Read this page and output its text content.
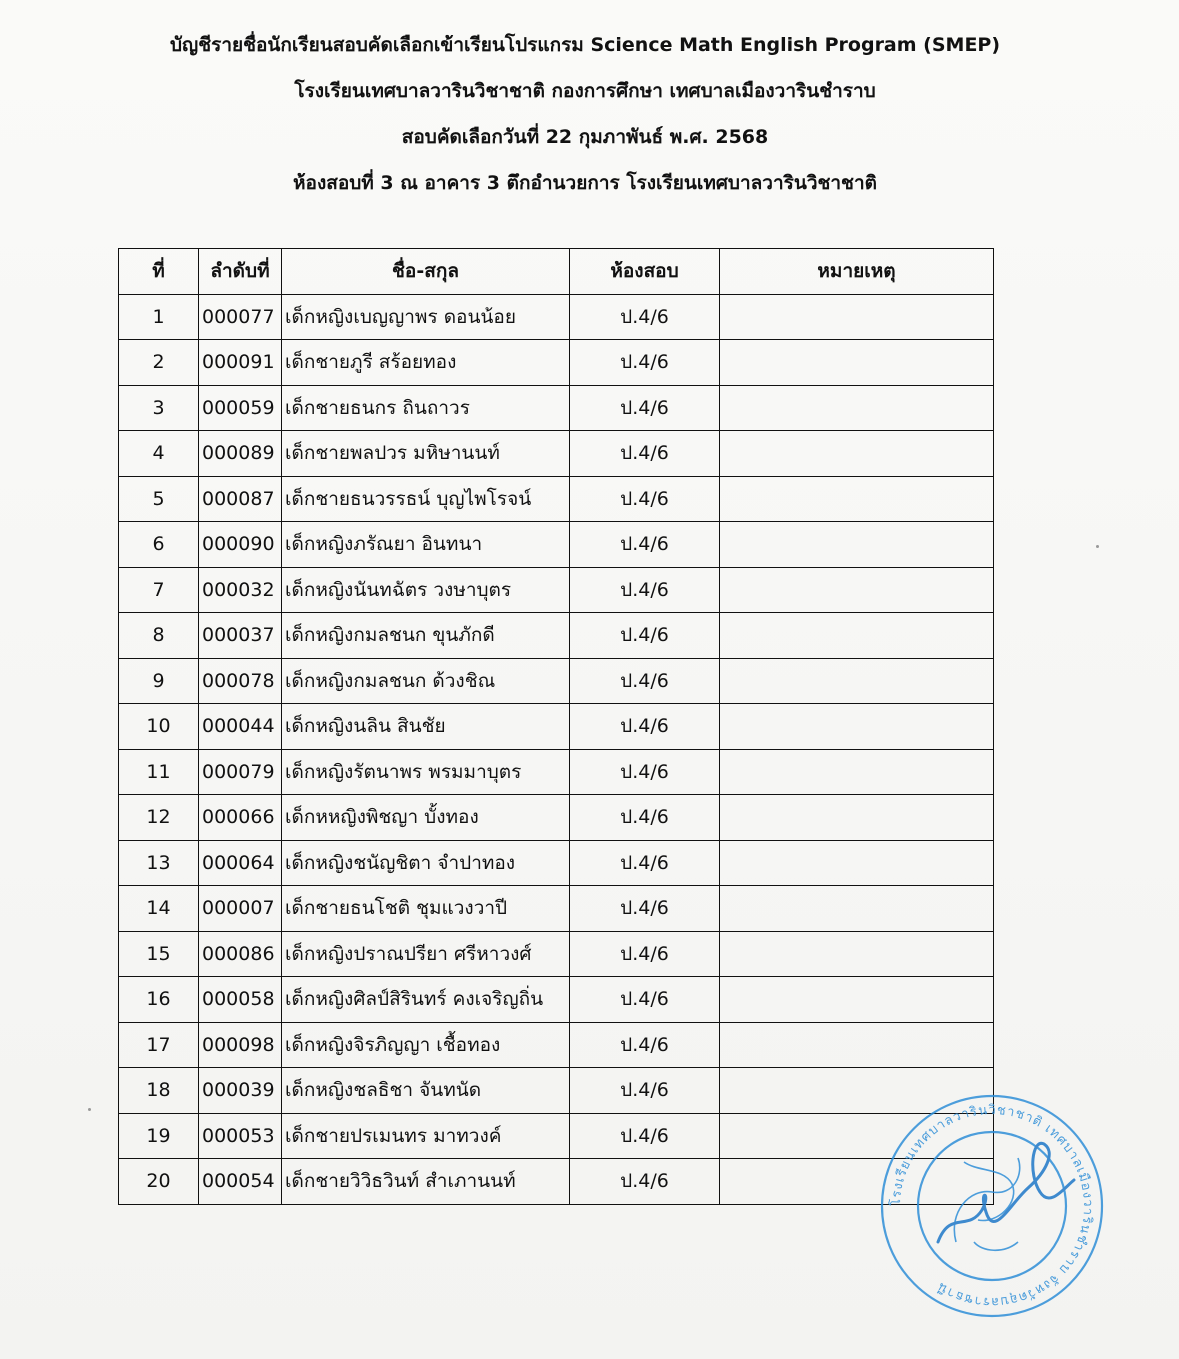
บัญชีรายชื่อนักเรียนสอบคัดเลือกเข้าเรียนโปรแกรม Science Math English Program (SMEP)
โรงเรียนเทศบาลวารินวิชาชาติ กองการศึกษา เทศบาลเมืองวารินชำราบ
สอบคัดเลือกวันที่ 22 กุมภาพันธ์ พ.ศ. 2568
ห้องสอบที่ 3 ณ อาคาร 3 ตึกอำนวยการ โรงเรียนเทศบาลวารินวิชาชาติ
ที่	ลำดับที่	ชื่อ-สกุล	ห้องสอบ	หมายเหตุ
1	000077	เด็กหญิงเบญญาพร ดอนน้อย	ป.4/6	
2	000091	เด็กชายภูรี สร้อยทอง	ป.4/6	
3	000059	เด็กชายธนกร ถินถาวร	ป.4/6	
4	000089	เด็กชายพลปวร มหิษานนท์	ป.4/6	
5	000087	เด็กชายธนวรรธน์ บุญไพโรจน์	ป.4/6	
6	000090	เด็กหญิงภรัณยา อินทนา	ป.4/6	
7	000032	เด็กหญิงนันทฉัตร วงษาบุตร	ป.4/6	
8	000037	เด็กหญิงกมลชนก ขุนภักดี	ป.4/6	
9	000078	เด็กหญิงกมลชนก ด้วงชิณ	ป.4/6	
10	000044	เด็กหญิงนลิน สินชัย	ป.4/6	
11	000079	เด็กหญิงรัตนาพร พรมมาบุตร	ป.4/6	
12	000066	เด็กหหญิงพิชญา บั้งทอง	ป.4/6	
13	000064	เด็กหญิงชนัญชิตา จำปาทอง	ป.4/6	
14	000007	เด็กชายธนโชติ ชุมแวงวาปี	ป.4/6	
15	000086	เด็กหญิงปราณปรียา ศรีหาวงศ์	ป.4/6	
16	000058	เด็กหญิงศิลป์สิรินทร์ คงเจริญถิ่น	ป.4/6	
17	000098	เด็กหญิงจิรภิญญา เชื้อทอง	ป.4/6	
18	000039	เด็กหญิงชลธิชา จันทนัด	ป.4/6	
19	000053	เด็กชายปรเมนทร มาทวงค์	ป.4/6	
20	000054	เด็กชายวิวิธวินท์ สำเภานนท์	ป.4/6	
โรงเรียนเทศบาลวารินวิชาชาติ เทศบาลเมืองวารินชำราบ จังหวัดอุบลราชธานี
